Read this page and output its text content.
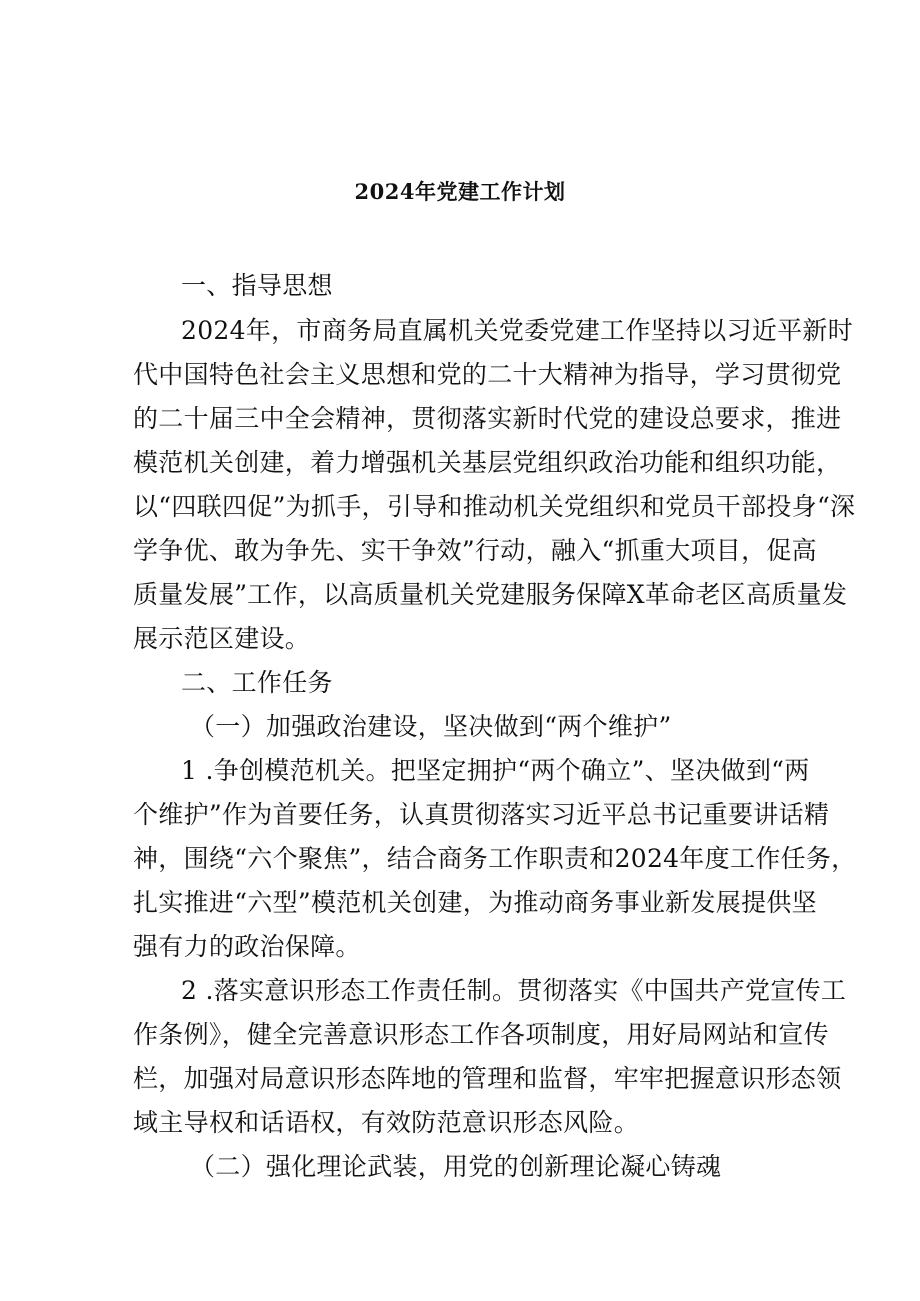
2024年党建工作计划
一、指导思想
2024年，市商务局直属机关党委党建工作坚持以习近平新时
代中国特色社会主义思想和党的二十大精神为指导，学习贯彻党
的二十届三中全会精神，贯彻落实新时代党的建设总要求，推进
模范机关创建，着力增强机关基层党组织政治功能和组织功能，
以“四联四促”为抓手，引导和推动机关党组织和党员干部投身“深
学争优、敢为争先、实干争效”行动，融入“抓重大项目，促高
质量发展”工作，以高质量机关党建服务保障X革命老区高质量发
展示范区建设。
二、工作任务
（一）加强政治建设，坚决做到“两个维护”
1 .争创模范机关。把坚定拥护“两个确立”、坚决做到“两
个维护”作为首要任务，认真贯彻落实习近平总书记重要讲话精
神，围绕“六个聚焦”，结合商务工作职责和2024年度工作任务，
扎实推进“六型”模范机关创建，为推动商务事业新发展提供坚
强有力的政治保障。
2 .落实意识形态工作责任制。贯彻落实《中国共产党宣传工
作条例》，健全完善意识形态工作各项制度，用好局网站和宣传
栏，加强对局意识形态阵地的管理和监督，牢牢把握意识形态领
域主导权和话语权，有效防范意识形态风险。
（二）强化理论武装，用党的创新理论凝心铸魂
